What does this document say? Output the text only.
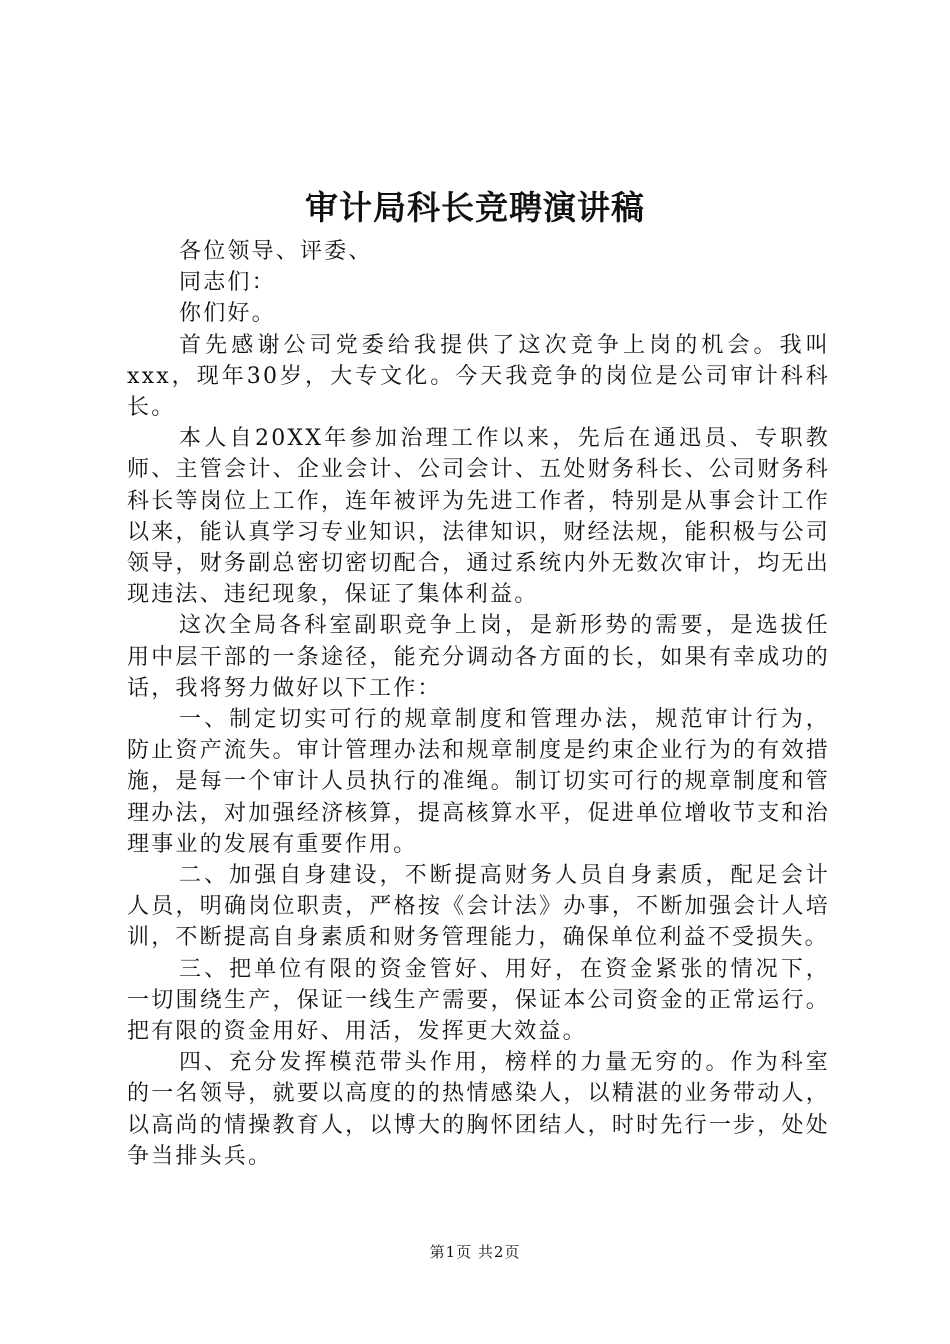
审计局科长竞聘演讲稿

各位领导、评委、

同志们：

你们好。

首先感谢公司党委给我提供了这次竞争上岗的机会。我叫xxx，现年30岁，大专文化。今天我竞争的岗位是公司审计科科长。

本人自20XX年参加治理工作以来，先后在通迅员、专职教师、主管会计、企业会计、公司会计、五处财务科长、公司财务科科长等岗位上工作，连年被评为先进工作者，特别是从事会计工作以来，能认真学习专业知识，法律知识，财经法规，能积极与公司领导，财务副总密切密切配合，通过系统内外无数次审计，均无出现违法、违纪现象，保证了集体利益。

这次全局各科室副职竞争上岗，是新形势的需要，是选拔任用中层干部的一条途径，能充分调动各方面的长，如果有幸成功的话，我将努力做好以下工作：

一、制定切实可行的规章制度和管理办法，规范审计行为，防止资产流失。审计管理办法和规章制度是约束企业行为的有效措施，是每一个审计人员执行的准绳。制订切实可行的规章制度和管理办法，对加强经济核算，提高核算水平，促进单位增收节支和治理事业的发展有重要作用。

二、加强自身建设，不断提高财务人员自身素质，配足会计人员，明确岗位职责，严格按《会计法》办事，不断加强会计人培训，不断提高自身素质和财务管理能力，确保单位利益不受损失。

三、把单位有限的资金管好、用好，在资金紧张的情况下，一切围绕生产，保证一线生产需要，保证本公司资金的正常运行。把有限的资金用好、用活，发挥更大效益。

四、充分发挥模范带头作用，榜样的力量无穷的。作为科室的一名领导，就要以高度的的热情感染人，以精湛的业务带动人，以高尚的情操教育人，以博大的胸怀团结人，时时先行一步，处处争当排头兵。

第1页 共2页
